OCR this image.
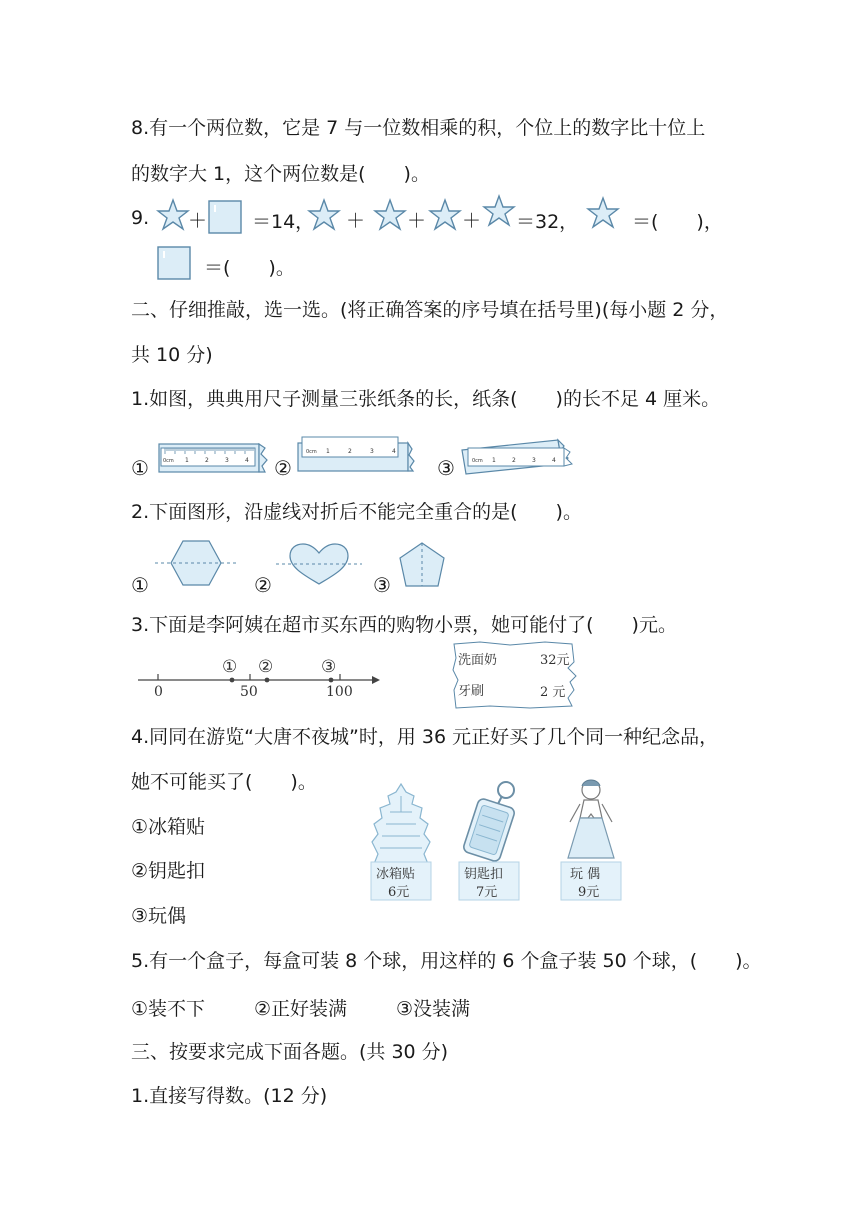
8.有一个两位数，它是 7 与一位数相乘的积，个位上的数字比十位上
的数字大 1，这个两位数是(　　)。
9. ＋ ＝14， ＋ ＋ ＋ ＝32，	＝(　　)，
＝(　　)。
二、仔细推敲，选一选。(将正确答案的序号填在括号里)(每小题 2 分，
共 10 分)
1.如图，典典用尺子测量三张纸条的长，纸条(　　)的长不足 4 厘米。
①	0cm 1	2	3	4 ②
0cm 1	2	3	4
③	0cm 1	2	3	4
2.下面图形，沿虚线对折后不能完全重合的是(　　)。
①	②	③
3.下面是李阿姨在超市买东西的购物小票，她可能付了(　　)元。
0	50	100
① ②	③	洗面奶	32元
牙刷	2 元
4.同同在游览“大唐不夜城”时，用 36 元正好买了几个同一种纪念品，
她不可能买了(　　)。
①冰箱贴
②钥匙扣
③玩偶
冰箱贴
6元
钥匙扣
7元
玩 偶
9元
5.有一个盒子，每盒可装 8 个球，用这样的 6 个盒子装 50 个球，(　　)。
①装不下	②正好装满	③没装满
三、按要求完成下面各题。(共 30 分)
1.直接写得数。(12 分)
